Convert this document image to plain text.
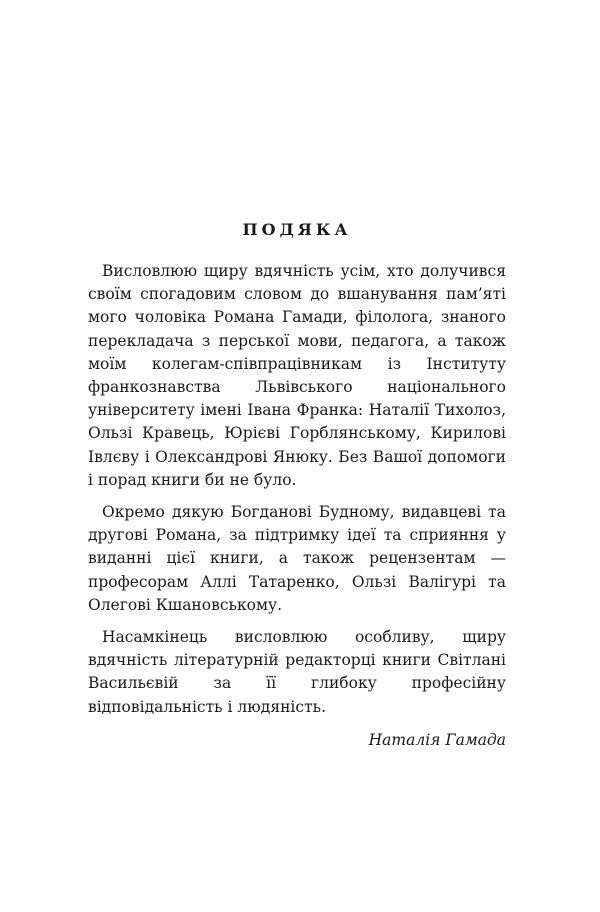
ПОДЯКА

Висловлюю щиру вдячність усім, хто долучився своїм спогадовим словом до вшанування пам’яті мого чоловіка Романа Гамади, філолога, знаного перекладача з перської мови, педагога, а також моїм колегам-співпрацівникам із Інституту франкознавства Львівського національного університету імені Івана Франка: Наталії Тихолоз, Ользі Кравець, Юрієві Горблянському, Кирилові Івлєву і Олександрові Янюку. Без Вашої допомоги і порад книги би не було.

Окремо дякую Богданові Будному, видавцеві та другові Романа, за підтримку ідеї та сприяння у виданні цієї книги, а також рецензентам — професорам Аллі Татаренко, Ользі Валігурі та Олегові Кшановському.

Насамкінець висловлюю особливу, щиру вдячність літературній редакторці книги Світлані Васильєвій за її глибоку професійну відповідальність і людяність.

Наталія Гамада
